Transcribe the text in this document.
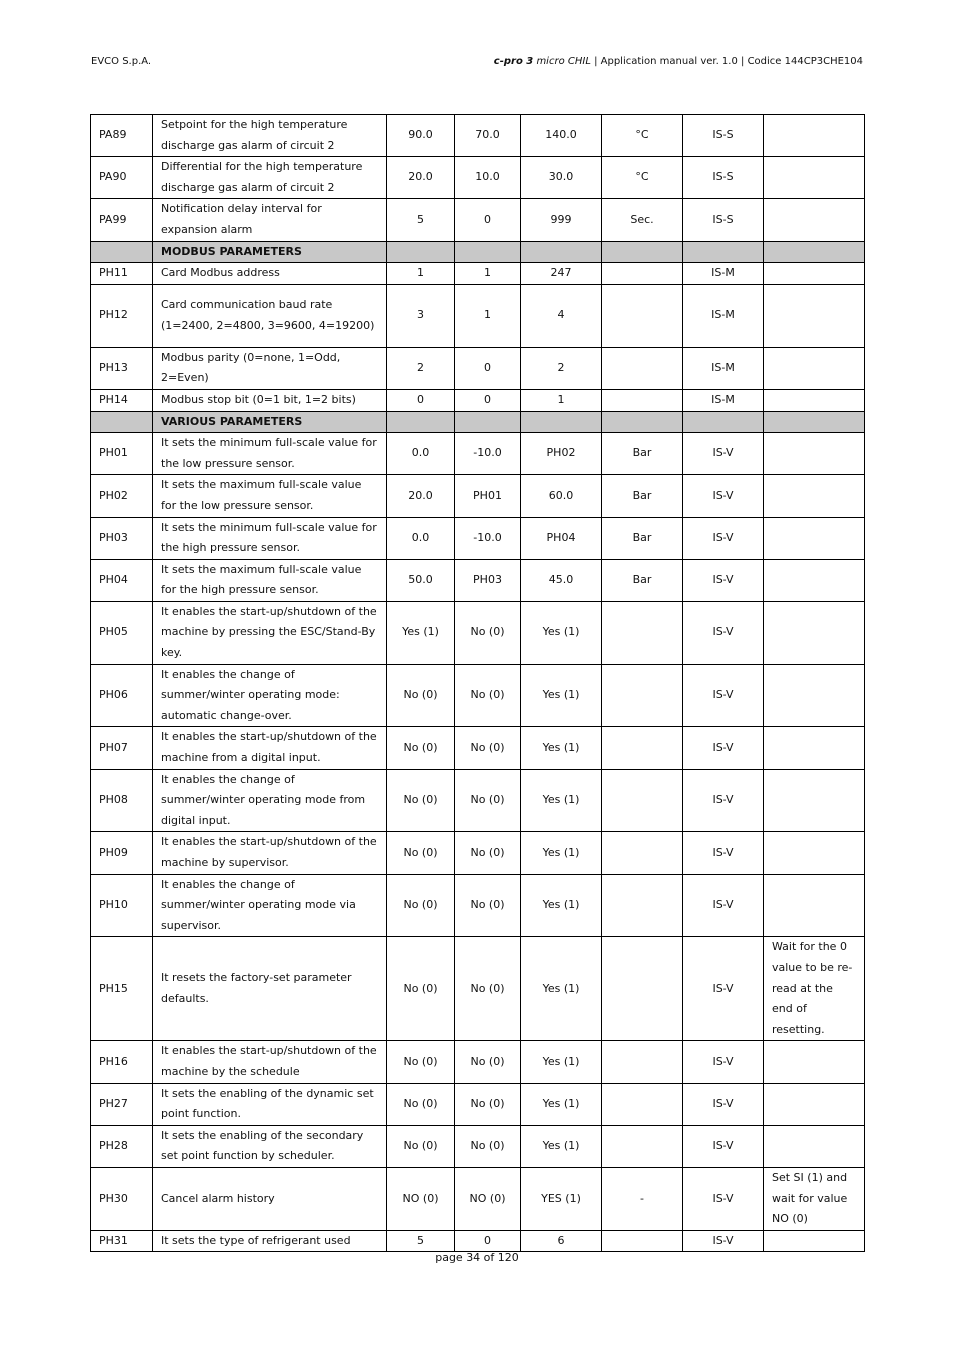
EVCO S.p.A.	c-pro 3 micro CHIL | Application manual ver. 1.0 | Codice 144CP3CHE104
PA89	Setpoint for the high temperature discharge gas alarm of circuit 2	90.0	70.0	140.0	°C	IS-S	
PA90	Differential for the high temperature discharge gas alarm of circuit 2	20.0	10.0	30.0	°C	IS-S	
PA99	Notification delay interval for expansion alarm	5	0	999	Sec.	IS-S	
	MODBUS PARAMETERS						
PH11	Card Modbus address	1	1	247		IS-M	
PH12	Card communication baud rate (1=2400, 2=4800, 3=9600, 4=19200)	3	1	4		IS-M	
PH13	Modbus parity (0=none, 1=Odd, 2=Even)	2	0	2		IS-M	
PH14	Modbus stop bit (0=1 bit, 1=2 bits)	0	0	1		IS-M	
	VARIOUS PARAMETERS						
PH01	It sets the minimum full-scale value for the low pressure sensor.	0.0	-10.0	PH02	Bar	IS-V	
PH02	It sets the maximum full-scale value for the low pressure sensor.	20.0	PH01	60.0	Bar	IS-V	
PH03	It sets the minimum full-scale value for the high pressure sensor.	0.0	-10.0	PH04	Bar	IS-V	
PH04	It sets the maximum full-scale value for the high pressure sensor.	50.0	PH03	45.0	Bar	IS-V	
PH05	It enables the start-up/shutdown of the machine by pressing the ESC/Stand-By key.	Yes (1)	No (0)	Yes (1)		IS-V	
PH06	It enables the change of summer/winter operating mode: automatic change-over.	No (0)	No (0)	Yes (1)		IS-V	
PH07	It enables the start-up/shutdown of the machine from a digital input.	No (0)	No (0)	Yes (1)		IS-V	
PH08	It enables the change of summer/winter operating mode from digital input.	No (0)	No (0)	Yes (1)		IS-V	
PH09	It enables the start-up/shutdown of the machine by supervisor.	No (0)	No (0)	Yes (1)		IS-V	
PH10	It enables the change of summer/winter operating mode via supervisor.	No (0)	No (0)	Yes (1)		IS-V	
PH15	It resets the factory-set parameter defaults.	No (0)	No (0)	Yes (1)		IS-V	Wait for the 0 value to be re-read at the end of resetting.
PH16	It enables the start-up/shutdown of the machine by the schedule	No (0)	No (0)	Yes (1)		IS-V	
PH27	It sets the enabling of the dynamic set point function.	No (0)	No (0)	Yes (1)		IS-V	
PH28	It sets the enabling of the secondary set point function by scheduler.	No (0)	No (0)	Yes (1)		IS-V	
PH30	Cancel alarm history	NO (0)	NO (0)	YES (1)	-	IS-V	Set SI (1) and wait for value NO (0)
PH31	It sets the type of refrigerant used	5	0	6		IS-V	
page 34 of 120
